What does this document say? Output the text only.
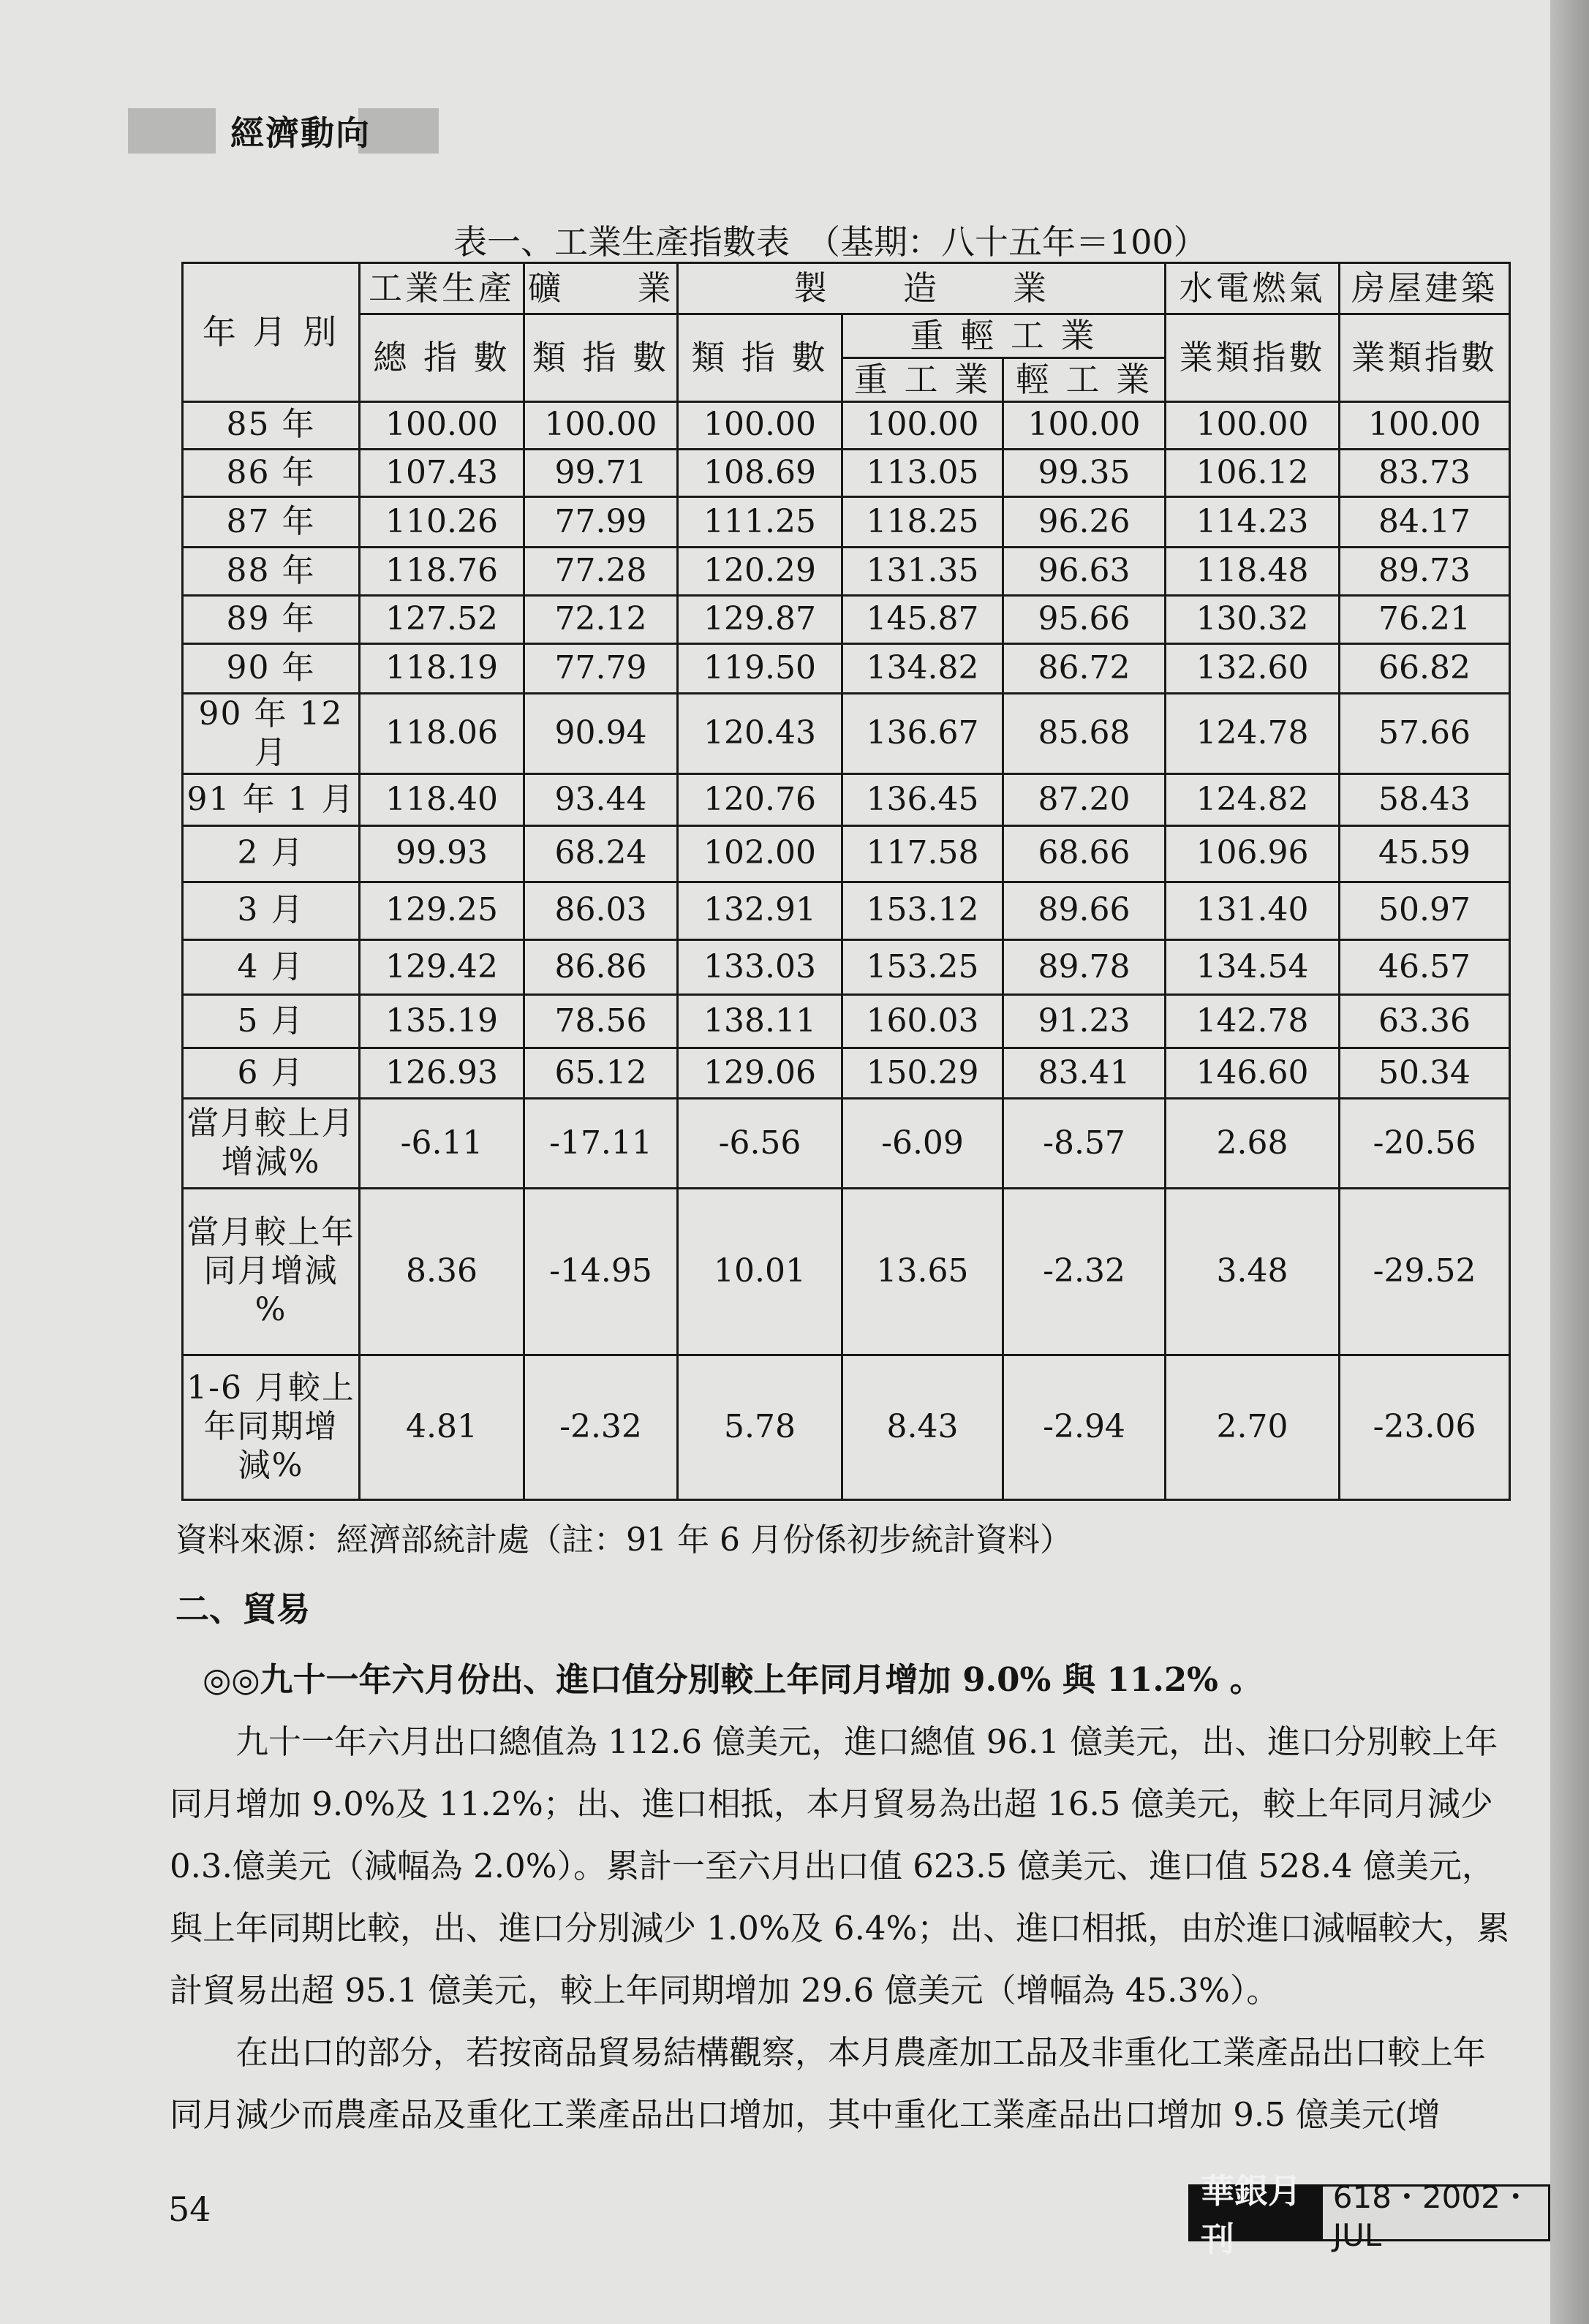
經濟動向
表一、工業生產指數表　（基期：八十五年＝100）
年 月 別	工業生產	礦　　業	製　　造　　業			水電燃氣	房屋建築
	總 指 數	類 指 數	類 指 數	重 輕 工 業		業類指數	業類指數
				重 工 業	輕 工 業		
85 年	100.00	100.00	100.00	100.00	100.00	100.00	100.00
86 年	107.43	99.71	108.69	113.05	99.35	106.12	83.73
87 年	110.26	77.99	111.25	118.25	96.26	114.23	84.17
88 年	118.76	77.28	120.29	131.35	96.63	118.48	89.73
89 年	127.52	72.12	129.87	145.87	95.66	130.32	76.21
90 年	118.19	77.79	119.50	134.82	86.72	132.60	66.82
90 年 12 月	118.06	90.94	120.43	136.67	85.68	124.78	57.66
91 年 1 月	118.40	93.44	120.76	136.45	87.20	124.82	58.43
2 月	99.93	68.24	102.00	117.58	68.66	106.96	45.59
3 月	129.25	86.03	132.91	153.12	89.66	131.40	50.97
4 月	129.42	86.86	133.03	153.25	89.78	134.54	46.57
5 月	135.19	78.56	138.11	160.03	91.23	142.78	63.36
6 月	126.93	65.12	129.06	150.29	83.41	146.60	50.34
當月較上月增減%	-6.11	-17.11	-6.56	-6.09	-8.57	2.68	-20.56
當月較上年同月增減 %	8.36	-14.95	10.01	13.65	-2.32	3.48	-29.52
1-6 月較上年同期增減%	4.81	-2.32	5.78	8.43	-2.94	2.70	-23.06
資料來源：經濟部統計處（註：91 年 6 月份係初步統計資料）
二、貿易

◎◎九十一年六月份出、進口值分別較上年同月增加 9.0% 與 11.2% 。

九十一年六月出口總值為 112.6 億美元，進口總值 96.1 億美元，出、進口分別較上年同月增加 9.0%及 11.2%；出、進口相抵，本月貿易為出超 16.5 億美元，較上年同月減少 0.3.億美元（減幅為 2.0%）。累計一至六月出口值 623.5 億美元、進口值 528.4 億美元，與上年同期比較，出、進口分別減少 1.0%及 6.4%；出、進口相抵，由於進口減幅較大，累計貿易出超 95.1 億美元，較上年同期增加 29.6 億美元（增幅為 45.3%）。

在出口的部分，若按商品貿易結構觀察，本月農產加工品及非重化工業產品出口較上年同月減少而農產品及重化工業產品出口增加，其中重化工業產品出口增加 9.5 億美元(增

54	華銀月刊
618・2002・JUL
